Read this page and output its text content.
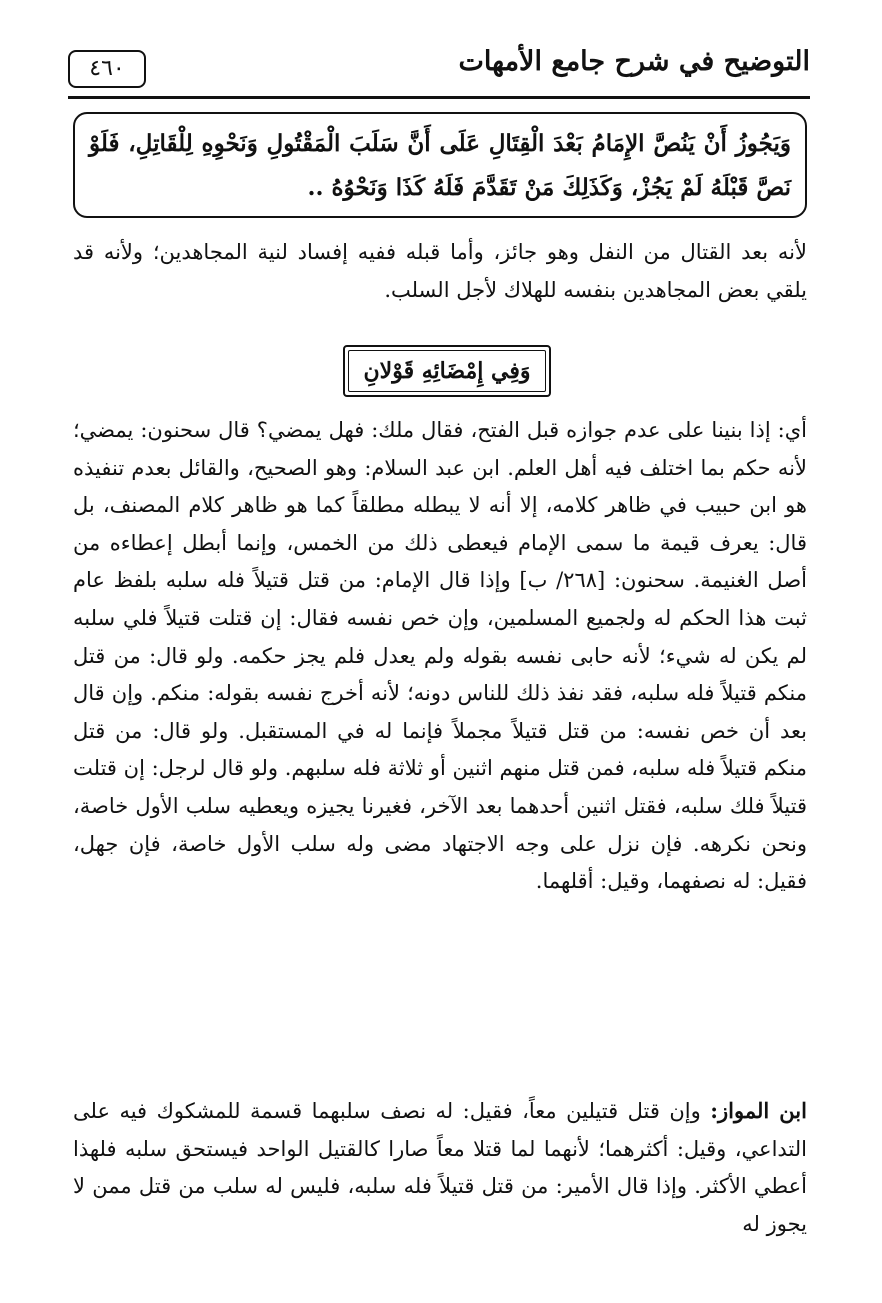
التوضيح في شرح جامع الأمهات
٤٦٠
وَيَجُوزُ أَنْ يَنُصَّ الإِمَامُ بَعْدَ الْقِتَالِ عَلَى أَنَّ سَلَبَ الْمَقْتُولِ وَنَحْوِهِ لِلْقَاتِلِ، فَلَوْ نَصَّ قَبْلَهُ لَمْ يَجُزْ، وَكَذَلِكَ مَنْ تَقَدَّمَ فَلَهُ كَذَا وَنَحْوُهُ ..
لأنه بعد القتال من النفل وهو جائز، وأما قبله ففيه إفساد لنية المجاهدين؛ ولأنه قد يلقي بعض المجاهدين بنفسه للهلاك لأجل السلب.
وَفِي إِمْضَائِهِ قَوْلانِ
أي: إذا بنينا على عدم جوازه قبل الفتح، فقال ملك: فهل يمضي؟ قال سحنون: يمضي؛ لأنه حكم بما اختلف فيه أهل العلم. ابن عبد السلام: وهو الصحيح، والقائل بعدم تنفيذه هو ابن حبيب في ظاهر كلامه، إلا أنه لا يبطله مطلقاً كما هو ظاهر كلام المصنف، بل قال: يعرف قيمة ما سمى الإمام فيعطى ذلك من الخمس، وإنما أبطل إعطاءه من أصل الغنيمة. سحنون: [٢٦٨/ ب] وإذا قال الإمام: من قتل قتيلاً فله سلبه بلفظ عام ثبت هذا الحكم له ولجميع المسلمين، وإن خص نفسه فقال: إن قتلت قتيلاً فلي سلبه لم يكن له شيء؛ لأنه حابى نفسه بقوله ولم يعدل فلم يجز حكمه. ولو قال: من قتل منكم قتيلاً فله سلبه، فقد نفذ ذلك للناس دونه؛ لأنه أخرج نفسه بقوله: منكم. وإن قال بعد أن خص نفسه: من قتل قتيلاً مجملاً فإنما له في المستقبل. ولو قال: من قتل منكم قتيلاً فله سلبه، فمن قتل منهم اثنين أو ثلاثة فله سلبهم. ولو قال لرجل: إن قتلت قتيلاً فلك سلبه، فقتل اثنين أحدهما بعد الآخر، فغيرنا يجيزه ويعطيه سلب الأول خاصة، ونحن نكرهه. فإن نزل على وجه الاجتهاد مضى وله سلب الأول خاصة، فإن جهل، فقيل: له نصفهما، وقيل: أقلهما.
ابن المواز: وإن قتل قتيلين معاً، فقيل: له نصف سلبهما قسمة للمشكوك فيه على التداعي، وقيل: أكثرهما؛ لأنهما لما قتلا معاً صارا كالقتيل الواحد فيستحق سلبه فلهذا أعطي الأكثر. وإذا قال الأمير: من قتل قتيلاً فله سلبه، فليس له سلب من قتل ممن لا يجوز له
